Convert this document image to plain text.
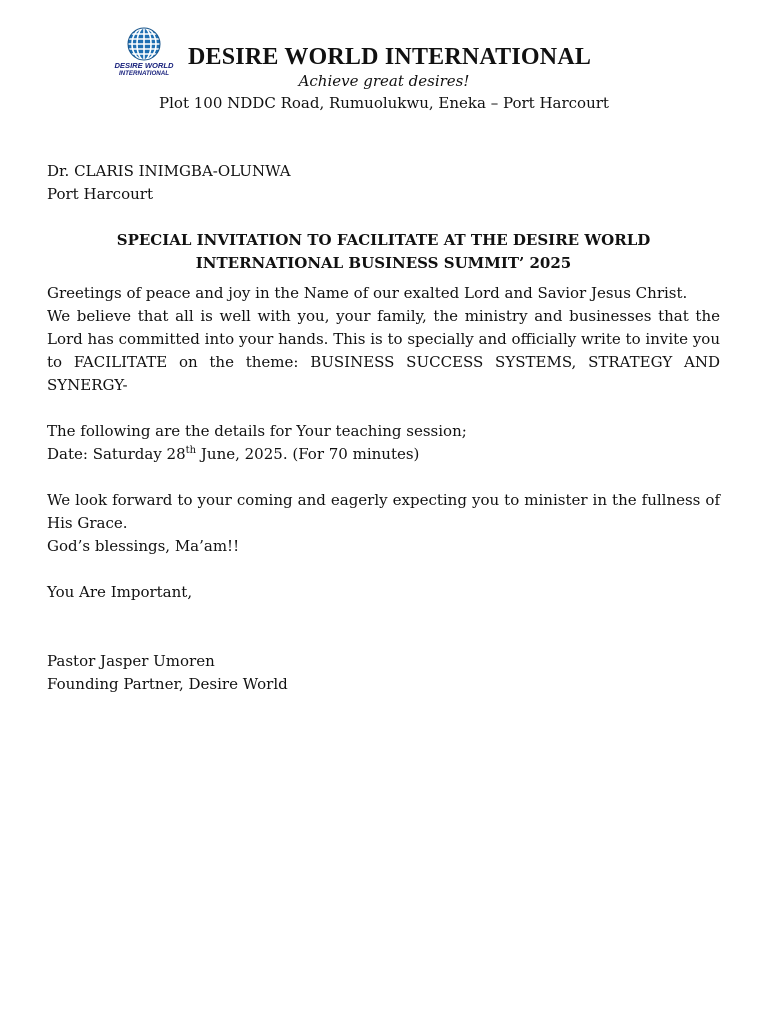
DESIRE WORLD
INTERNATIONAL
DESIRE WORLD INTERNATIONAL
Achieve great desires!
Plot 100 NDDC Road, Rumuolukwu, Eneka – Port Harcourt
Dr. CLARIS INIMGBA-OLUNWA
Port Harcourt
SPECIAL INVITATION TO FACILITATE AT THE DESIRE WORLD INTERNATIONAL BUSINESS SUMMIT’ 2025

Greetings of peace and joy in the Name of our exalted Lord and Savior Jesus Christ.

We believe that all is well with you, your family, the ministry and businesses that the Lord has committed into your hands. This is to specially and officially write to invite you to FACILITATE on the theme: BUSINESS SUCCESS SYSTEMS, STRATEGY AND SYNERGY-

The following are the details for Your teaching session;

Date: Saturday 28th June, 2025. (For 70 minutes)

We look forward to your coming and eagerly expecting you to minister in the fullness of His Grace.

God’s blessings, Ma’am!!

You Are Important,

Pastor Jasper Umoren

Founding Partner, Desire World
